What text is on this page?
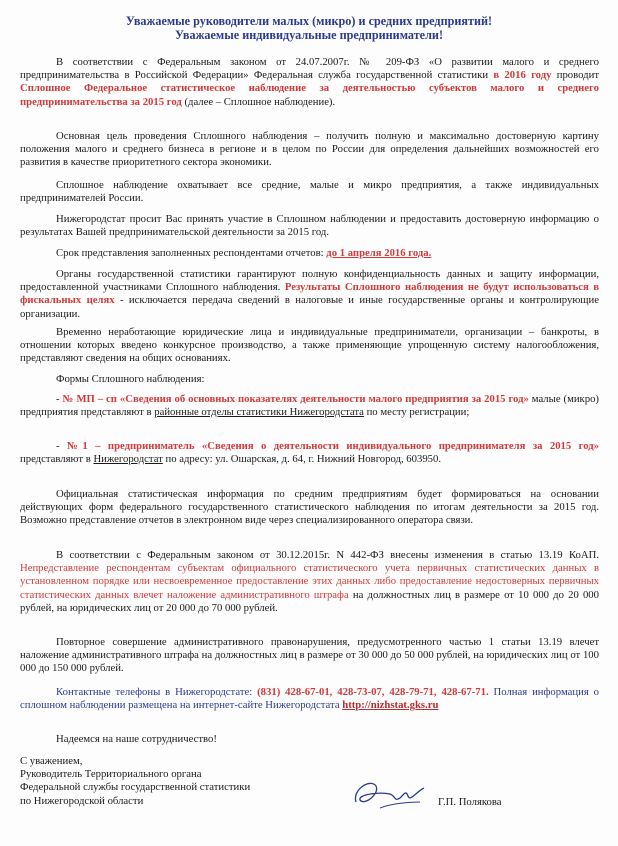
Уважаемые руководители малых (микро) и средних предприятий!
Уважаемые индивидуальные предприниматели!

В соответствии с Федеральным законом от 24.07.2007г. № 209-ФЗ «О развитии малого и среднего предпринимательства в Российской Федерации» Федеральная служба государственной статистики в 2016 году проводит Сплошное Федеральное статистическое наблюдение за деятельностью субъектов малого и среднего предпринимательства за 2015 год (далее – Сплошное наблюдение).

Основная цель проведения Сплошного наблюдения – получить полную и максимально достоверную картину положения малого и среднего бизнеса в регионе и в целом по России для определения дальнейших возможностей его развития в качестве приоритетного сектора экономики.

Сплошное наблюдение охватывает все средние, малые и микро предприятия, а также индивидуальных предпринимателей России.

Нижегородстат просит Вас принять участие в Сплошном наблюдении и предоставить достоверную информацию о результатах Вашей предпринимательской деятельности за 2015 год.

Срок представления заполненных респондентами отчетов: до 1 апреля 2016 года.

Органы государственной статистики гарантируют полную конфиденциальность данных и защиту информации, предоставленной участниками Сплошного наблюдения. Результаты Сплошного наблюдения не будут использоваться в фискальных целях - исключается передача сведений в налоговые и иные государственные органы и контролирующие организации.

Временно неработающие юридические лица и индивидуальные предприниматели, организации – банкроты, в отношении которых введено конкурсное производство, а также применяющие упрощенную систему налогообложения, представляют сведения на общих основаниях.

Формы Сплошного наблюдения:

- № МП – сп «Сведения об основных показателях деятельности малого предприятия за 2015 год» малые (микро) предприятия представляют в районные отделы статистики Нижегородстата по месту регистрации;

- №1 – предприниматель «Сведения о деятельности индивидуального предпринимателя за 2015 год» представляют в Нижегородстат по адресу: ул. Ошарская, д. 64, г. Нижний Новгород, 603950.

Официальная статистическая информация по средним предприятиям будет формироваться на основании действующих форм федерального государственного статистического наблюдения по итогам деятельности за 2015 год. Возможно представление отчетов в электронном виде через специализированного оператора связи.

В соответствии с Федеральным законом от 30.12.2015г. N 442-ФЗ внесены изменения в статью 13.19 КоАП. Непредставление респондентам субъектам официального статистического учета первичных статистических данных в установленном порядке или несвоевременное предоставление этих данных либо предоставление недостоверных первичных статистических данных влечет наложение административного штрафа на должностных лиц в размере от 10 000 до 20 000 рублей, на юридических лиц от 20 000 до 70 000 рублей.

Повторное совершение административного правонарушения, предусмотренного частью 1 статьи 13.19 влечет наложение административного штрафа на должностных лиц в размере от 30 000 до 50 000 рублей, на юридических лиц от 100 000 до 150 000 рублей.

Контактные телефоны в Нижегородстате: (831) 428-67-01, 428-73-07, 428-79-71, 428-67-71. Полная информация о сплошном наблюдении размещена на интернет-сайте Нижегородстата http://nizhstat.gks.ru

Надеемся на наше сотрудничество!

С уважением,
Руководитель Территориального органа
Федеральной службы государственной статистики
по Нижегородской области	Г.П. Полякова
